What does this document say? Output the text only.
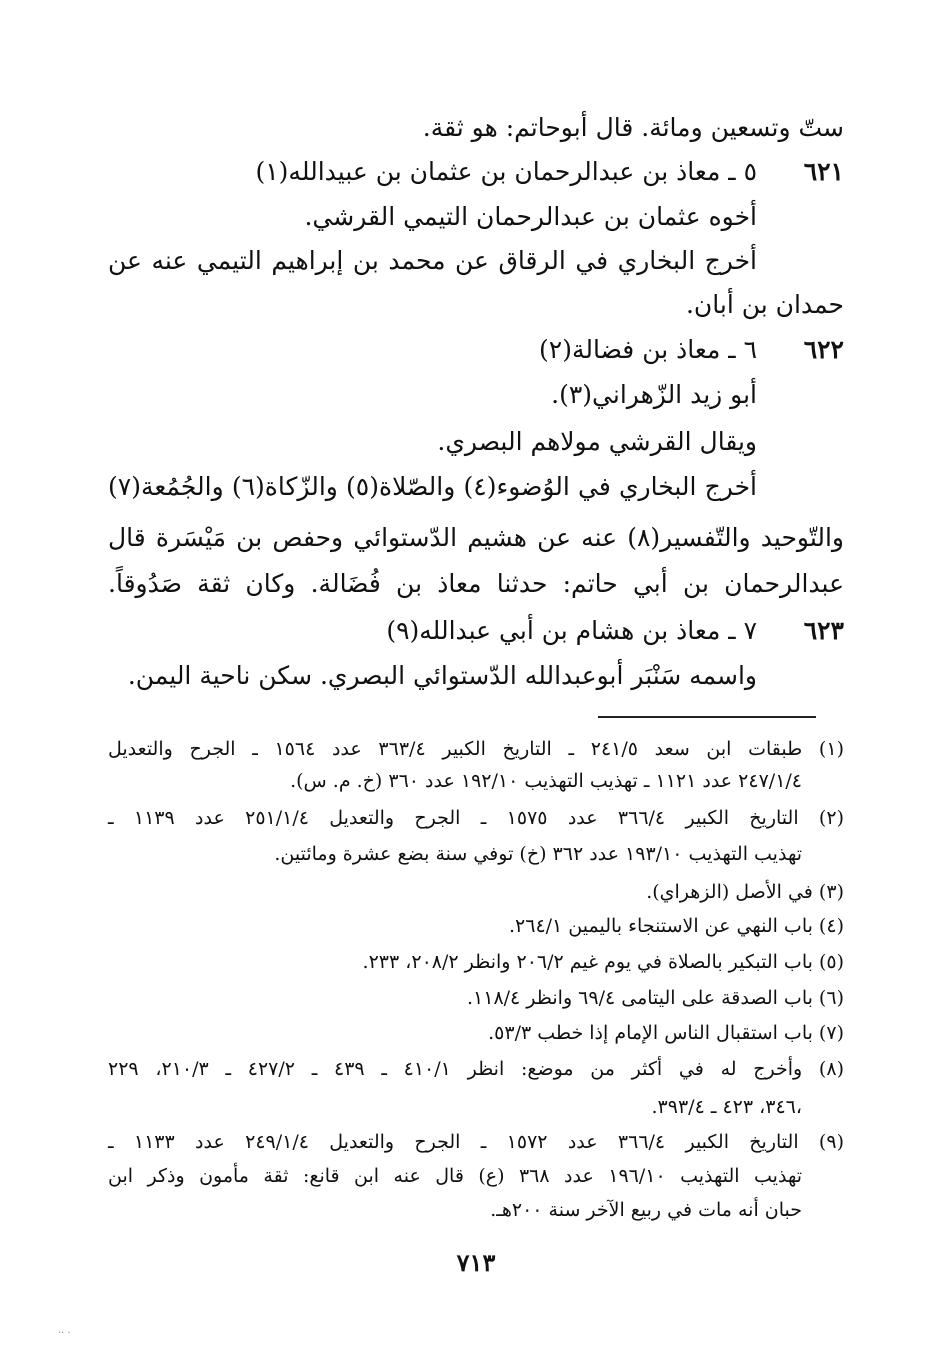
ستّ وتسعين ومائة. قال أبوحاتم: هو ثقة.
٦٢١
٥ ـ معاذ بن عبدالرحمان بن عثمان بن عبيدالله(١)
أخوه عثمان بن عبدالرحمان التيمي القرشي.
أخرج البخاري في الرقاق عن محمد بن إبراهيم التيمي عنه عن
حمدان بن أبان.
٦٢٢
٦ ـ معاذ بن فضالة(٢)
أبو زيد الزّهراني(٣).
ويقال القرشي مولاهم البصري.
أخرج البخاري في الوُضوء(٤) والصّلاة(٥) والزّكاة(٦) والجُمُعة(٧)
والتّوحيد والتّفسير(٨) عنه عن هشيم الدّستوائي وحفص بن مَيْسَرة قال
عبدالرحمان بن أبي حاتم: حدثنا معاذ بن فُضَالة. وكان ثقة صَدُوقاً.
٦٢٣
٧ ـ معاذ بن هشام بن أبي عبدالله(٩)
واسمه سَنْبَر أبوعبدالله الدّستوائي البصري. سكن ناحية اليمن.
(١) طبقات ابن سعد ٢٤١/٥ ـ التاريخ الكبير ٣٦٣/٤ عدد ١٥٦٤ ـ الجرح والتعديل
٢٤٧/١/٤ عدد ١١٢١ ـ تهذيب التهذيب ١٩٢/١٠ عدد ٣٦٠ (خ. م. س).
(٢) التاريخ الكبير ٣٦٦/٤ عدد ١٥٧٥ ـ الجرح والتعديل ٢٥١/١/٤ عدد ١١٣٩ ـ
تهذيب التهذيب ١٩٣/١٠ عدد ٣٦٢ (خ) توفي سنة بضع عشرة ومائتين.
(٣) في الأصل (الزهراي).
(٤) باب النهي عن الاستنجاء باليمين ٢٦٤/١.
(٥) باب التبكير بالصلاة في يوم غيم ٢٠٦/٢ وانظر ٢٠٨/٢، ٢٣٣.
(٦) باب الصدقة على اليتامى ٦٩/٤ وانظر ١١٨/٤.
(٧) باب استقبال الناس الإمام إذا خطب ٥٣/٣.
(٨) وأخرج له في أكثر من موضع: انظر ٤١٠/١ ـ ٤٣٩ ـ ٤٢٧/٢ ـ ٢١٠/٣، ٢٢٩
،٣٤٦، ٤٢٣ ـ ٣٩٣/٤.
(٩) التاريخ الكبير ٣٦٦/٤ عدد ١٥٧٢ ـ الجرح والتعديل ٢٤٩/١/٤ عدد ١١٣٣ ـ
تهذيب التهذيب ١٩٦/١٠ عدد ٣٦٨ (ع) قال عنه ابن قانع: ثقة مأمون وذكر ابن
حبان أنه مات في ربيع الآخر سنة ٢٠٠هـ.
٧١٣
·· ·
